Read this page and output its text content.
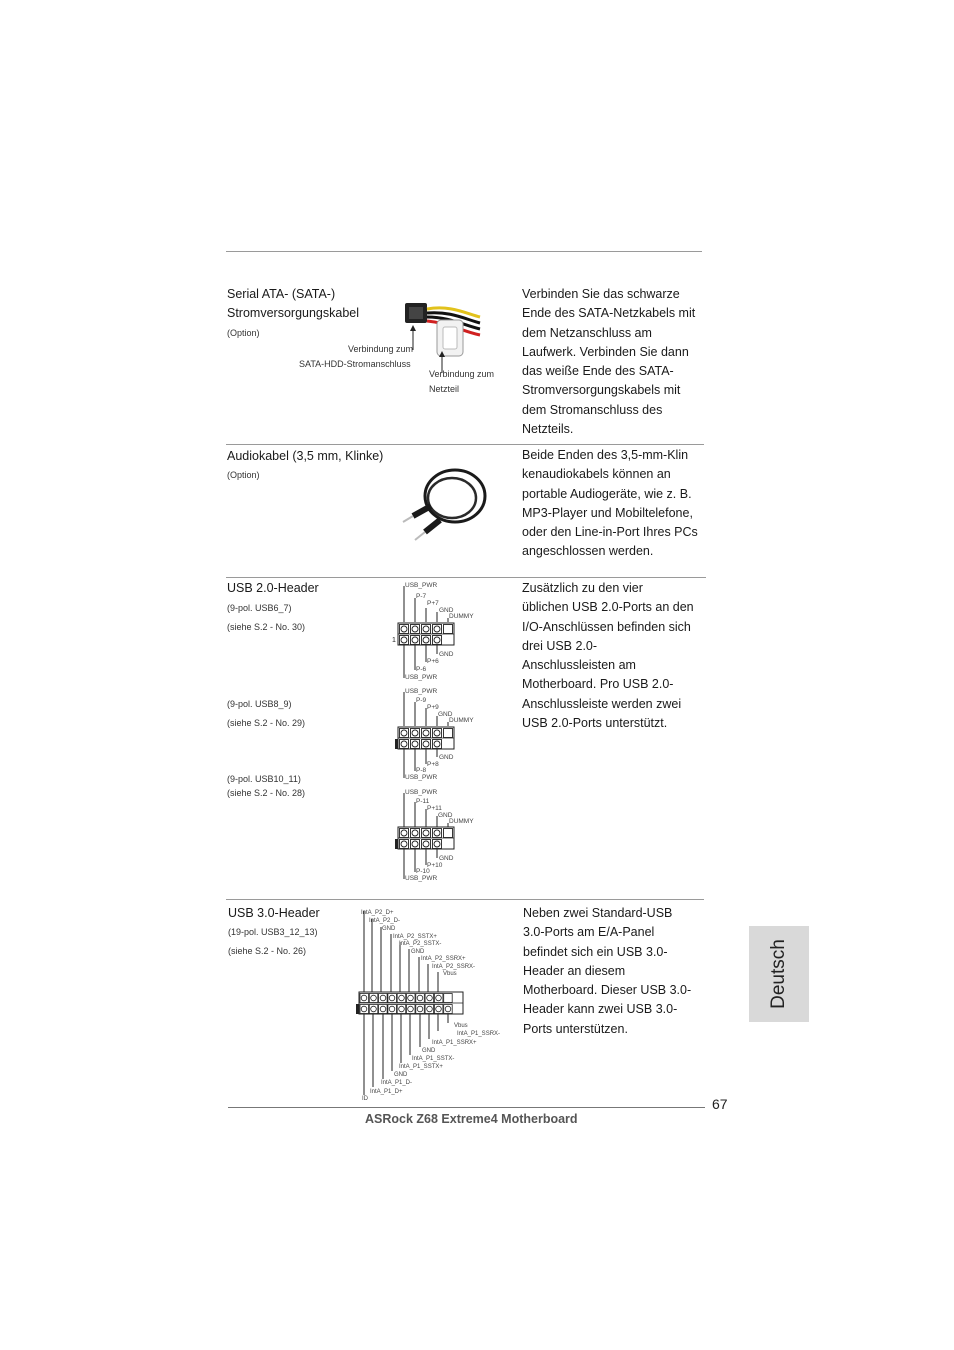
Serial ATA- (SATA-)
Stromversorgungskabel
(Option)
Verbindung zum
SATA-HDD-Stromanschluss
Verbindung zum
Netzteil
Verbinden Sie das schwarze
Ende des SATA-Netzkabels mit
dem Netzanschluss am
Laufwerk. Verbinden Sie dann
das weiße Ende des SATA-
Stromversorgungskabels mit
dem Stromanschluss des
Netzteils.
Audiokabel (3,5 mm, Klinke)
(Option)
Beide Enden des 3,5-mm-Klin
kenaudiokabels können an
portable Audiogeräte, wie z. B.
MP3-Player und Mobiltelefone,
oder den Line-in-Port Ihres PCs
angeschlossen werden.
USB 2.0-Header
(9-pol. USB6_7)
(siehe S.2 - No. 30)
(9-pol. USB8_9)
(siehe S.2 - No. 29)
(9-pol. USB10_11)
(siehe S.2 - No. 28)
USB_PWR
P-7
P+7
GND
DUMMY
1
GND
P+6
P-6
USB_PWR
USB_PWR
P-9
P+9
GND
DUMMY
GND
P+8
P-8
USB_PWR
USB_PWR
P-11
P+11
GND
DUMMY
GND
P+10
P-10
USB_PWR
Zusätzlich zu den vier
üblichen USB 2.0-Ports an den
I/O-Anschlüssen befinden sich
drei USB 2.0-
Anschlussleisten am
Motherboard. Pro USB 2.0-
Anschlussleiste werden zwei
USB 2.0-Ports unterstützt.
USB 3.0-Header
(19-pol. USB3_12_13)
(siehe S.2 - No. 26)
IntA_P2_D+
IntA_P2_D-
GND
IntA_P2_SSTX+
IntA_P2_SSTX-
GND
IntA_P2_SSRX+
IntA_P2_SSRX-
Vbus
Vbus
IntA_P1_SSRX-
IntA_P1_SSRX+
GND
IntA_P1_SSTX-
IntA_P1_SSTX+
GND
IntA_P1_D-
IntA_P1_D+
ID
Neben zwei Standard-USB
3.0-Ports am E/A-Panel
befindet sich ein USB 3.0-
Header an diesem
Motherboard. Dieser USB 3.0-
Header kann zwei USB 3.0-
Ports unterstützen.
Deutsch
67
ASRock Z68 Extreme4 Motherboard
